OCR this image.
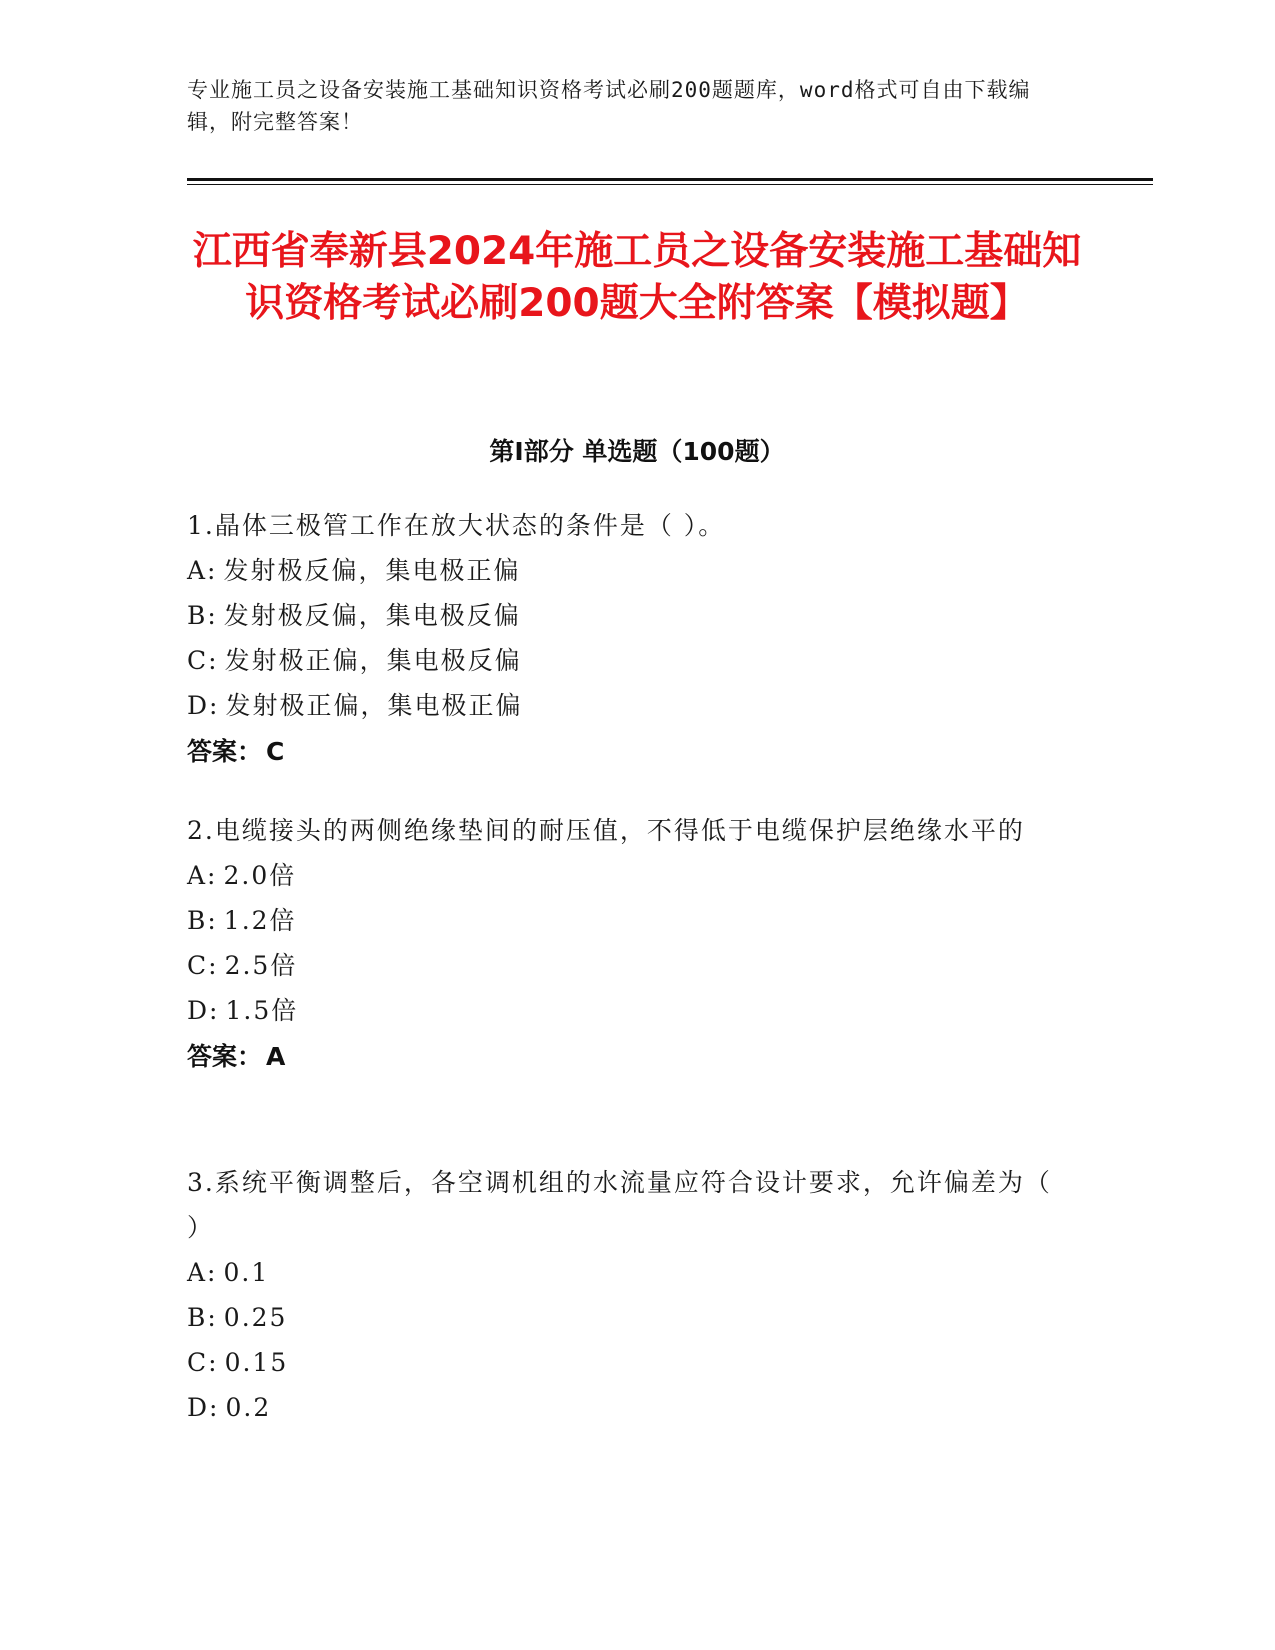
专业施工员之设备安装施工基础知识资格考试必刷200题题库，word格式可自由下载编辑，附完整答案！
江西省奉新县2024年施工员之设备安装施工基础知识资格考试必刷200题大全附答案【模拟题】
第I部分 单选题（100题）
1.晶体三极管工作在放大状态的条件是（ ）。
A: 发射极反偏，集电极正偏
B: 发射极反偏，集电极反偏
C: 发射极正偏，集电极反偏
D: 发射极正偏，集电极正偏
答案： C
2.电缆接头的两侧绝缘垫间的耐压值，不得低于电缆保护层绝缘水平的
A: 2.0倍
B: 1.2倍
C: 2.5倍
D: 1.5倍
答案： A
3.系统平衡调整后，各空调机组的水流量应符合设计要求，允许偏差为（ ）
A: 0.1
B: 0.25
C: 0.15
D: 0.2
